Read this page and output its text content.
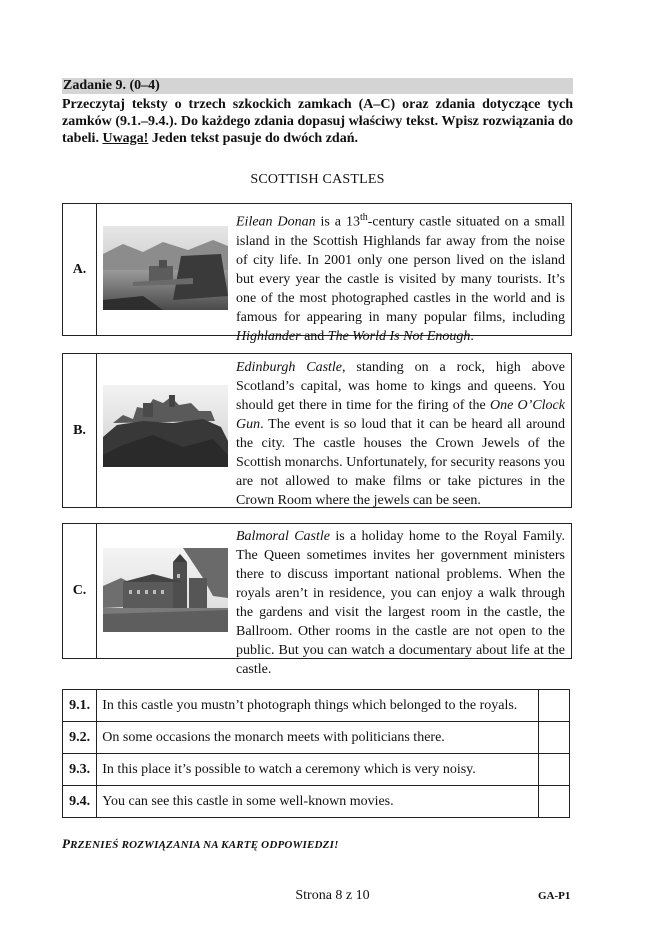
Zadanie 9. (0–4)
Przeczytaj teksty o trzech szkockich zamkach (A–C) oraz zdania dotyczące tych zamków (9.1.–9.4.). Do każdego zdania dopasuj właściwy tekst. Wpisz rozwiązania do tabeli. Uwaga! Jeden tekst pasuje do dwóch zdań.
SCOTTISH CASTLES
A.
Eilean Donan is a 13th-century castle situated on a small island in the Scottish Highlands far away from the noise of city life. In 2001 only one person lived on the island but every year the castle is visited by many tourists. It’s one of the most photographed castles in the world and is famous for appearing in many popular films, including Highlander and The World Is Not Enough.
B.
Edinburgh Castle, standing on a rock, high above Scotland’s capital, was home to kings and queens. You should get there in time for the firing of the One O’Clock Gun. The event is so loud that it can be heard all around the city. The castle houses the Crown Jewels of the Scottish monarchs. Unfortunately, for security reasons you are not allowed to make films or take pictures in the Crown Room where the jewels can be seen.
C.
Balmoral Castle is a holiday home to the Royal Family. The Queen sometimes invites her government ministers there to discuss important national problems. When the royals aren’t in residence, you can enjoy a walk through the gardens and visit the largest room in the castle, the Ballroom. Other rooms in the castle are not open to the public. But you can watch a documentary about life at the castle.
9.1.	In this castle you mustn’t photograph things which belonged to the royals.	
9.2.	On some occasions the monarch meets with politicians there.	
9.3.	In this place it’s possible to watch a ceremony which is very noisy.	
9.4.	You can see this castle in some well-known movies.	
PRZENIEŚ ROZWIĄZANIA NA KARTĘ ODPOWIEDZI!
Strona 8 z 10	GA-P1
